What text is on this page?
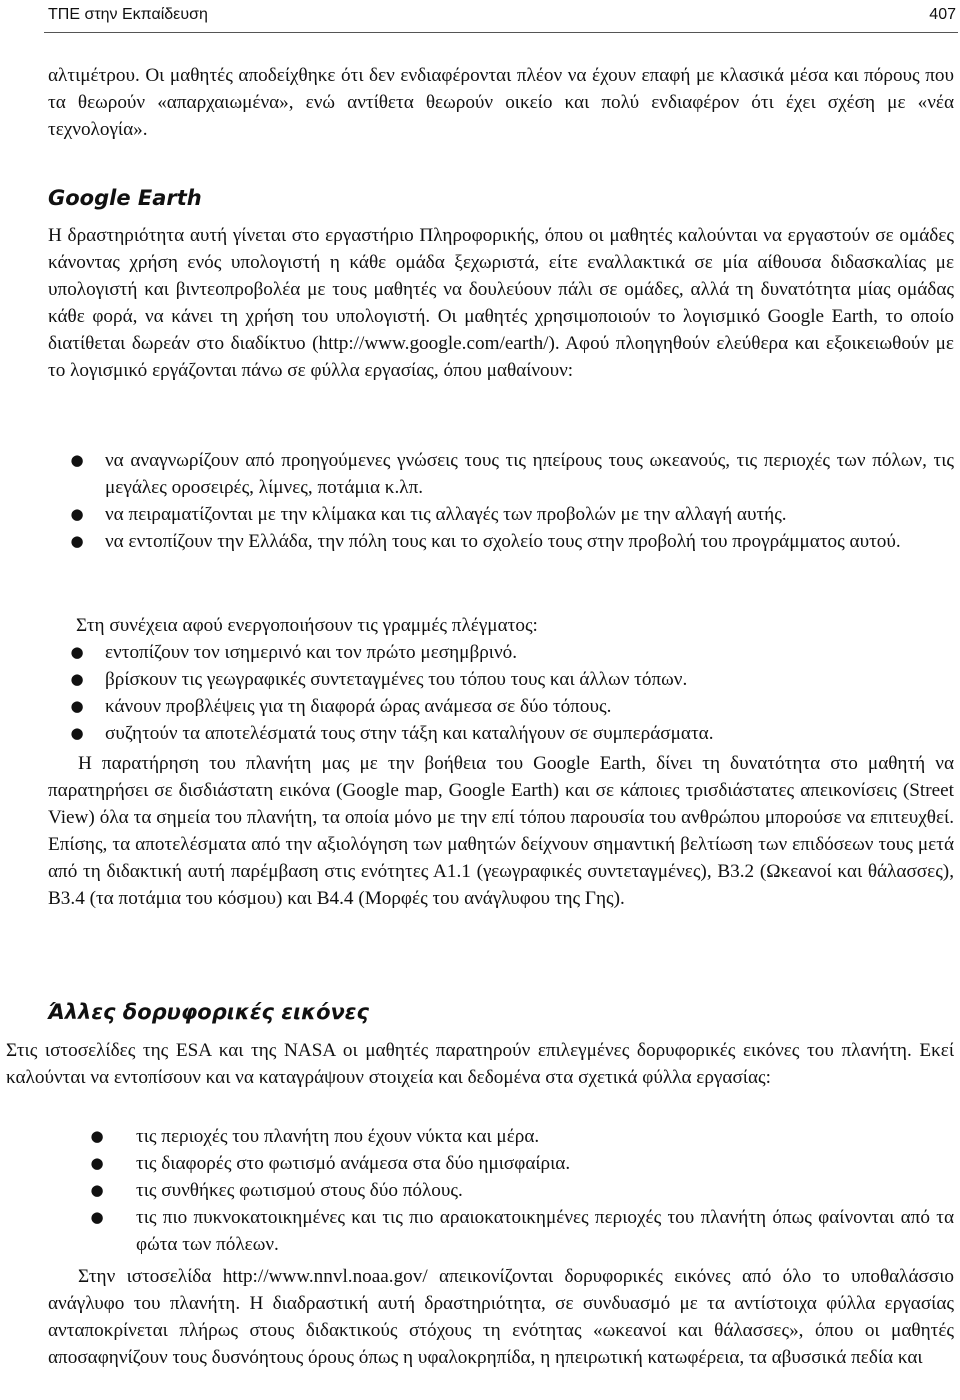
ΤΠΕ στην Εκπαίδευση	407

αλτιμέτρου. Οι μαθητές αποδείχθηκε ότι δεν ενδιαφέρονται πλέον να έχουν επαφή με κλασικά μέσα και πόρους που τα θεωρούν «απαρχαιωμένα», ενώ αντίθετα θεωρούν οικείο και πολύ ενδιαφέρον ότι έχει σχέση με «νέα τεχνολογία».

Google Earth

Η δραστηριότητα αυτή γίνεται στο εργαστήριο Πληροφορικής, όπου οι μαθητές καλούνται να εργαστούν σε ομάδες κάνοντας χρήση ενός υπολογιστή η κάθε ομάδα ξεχωριστά, είτε εναλλακτικά σε μία αίθουσα διδασκαλίας με υπολογιστή και βιντεοπροβολέα με τους μαθητές να δουλεύουν πάλι σε ομάδες, αλλά τη δυνατότητα μίας ομάδας κάθε φορά, να κάνει τη χρήση του υπολογιστή. Οι μαθητές χρησιμοποιούν το λογισμικό Google Earth, το οποίο διατίθεται δωρεάν στο διαδίκτυο (http://www.google.com/earth/). Αφού πλοηγηθούν ελεύθερα και εξοικειωθούν με το λογισμικό εργάζονται πάνω σε φύλλα εργασίας, όπου μαθαίνουν:

● να αναγνωρίζουν από προηγούμενες γνώσεις τους τις ηπείρους τους ωκεανούς, τις περιοχές των πόλων, τις μεγάλες οροσειρές, λίμνες, ποτάμια κ.λπ.
● να πειραματίζονται με την κλίμακα και τις αλλαγές των προβολών με την αλλαγή αυτής.
● να εντοπίζουν την Ελλάδα, την πόλη τους και το σχολείο τους στην προβολή του προγράμματος αυτού.

Στη συνέχεια αφού ενεργοποιήσουν τις γραμμές πλέγματος:

● εντοπίζουν τον ισημερινό και τον πρώτο μεσημβρινό.
● βρίσκουν τις γεωγραφικές συντεταγμένες του τόπου τους και άλλων τόπων.
● κάνουν προβλέψεις για τη διαφορά ώρας ανάμεσα σε δύο τόπους.
● συζητούν τα αποτελέσματά τους στην τάξη και καταλήγουν σε συμπεράσματα.

Η παρατήρηση του πλανήτη μας με την βοήθεια του Google Earth, δίνει τη δυνατότητα στο μαθητή να παρατηρήσει σε δισδιάστατη εικόνα (Google map, Google Earth) και σε κάποιες τρισδιάστατες απεικονίσεις (Street View) όλα τα σημεία του πλανήτη, τα οποία μόνο με την επί τόπου παρουσία του ανθρώπου μπορούσε να επιτευχθεί. Επίσης, τα αποτελέσματα από την αξιολόγηση των μαθητών δείχνουν σημαντική βελτίωση των επιδόσεων τους μετά από τη διδακτική αυτή παρέμβαση στις ενότητες Α1.1 (γεωγραφικές συντεταγμένες), Β3.2 (Ωκεανοί και θάλασσες), Β3.4 (τα ποτάμια του κόσμου) και Β4.4 (Μορφές του ανάγλυφου της Γης).

Άλλες δορυφορικές εικόνες

Στις ιστοσελίδες της ESA και της NASA οι μαθητές παρατηρούν επιλεγμένες δορυφορικές εικόνες του πλανήτη. Εκεί καλούνται να εντοπίσουν και να καταγράψουν στοιχεία και δεδομένα στα σχετικά φύλλα εργασίας:

● τις περιοχές του πλανήτη που έχουν νύκτα και μέρα.
● τις διαφορές στο φωτισμό ανάμεσα στα δύο ημισφαίρια.
● τις συνθήκες φωτισμού στους δύο πόλους.
● τις πιο πυκνοκατοικημένες και τις πιο αραιοκατοικημένες περιοχές του πλανήτη όπως φαίνονται από τα φώτα των πόλεων.

Στην ιστοσελίδα http://www.nnvl.noaa.gov/ απεικονίζονται δορυφορικές εικόνες από όλο το υποθαλάσσιο ανάγλυφο του πλανήτη. Η διαδραστική αυτή δραστηριότητα, σε συνδυασμό με τα αντίστοιχα φύλλα εργασίας ανταποκρίνεται πλήρως στους διδακτικούς στόχους τη ενότητας «ωκεανοί και θάλασσες», όπου οι μαθητές αποσαφηνίζουν τους δυσνόητους όρους όπως η υφαλοκρηπίδα, η ηπειρωτική κατωφέρεια, τα αβυσσικά πεδία και
